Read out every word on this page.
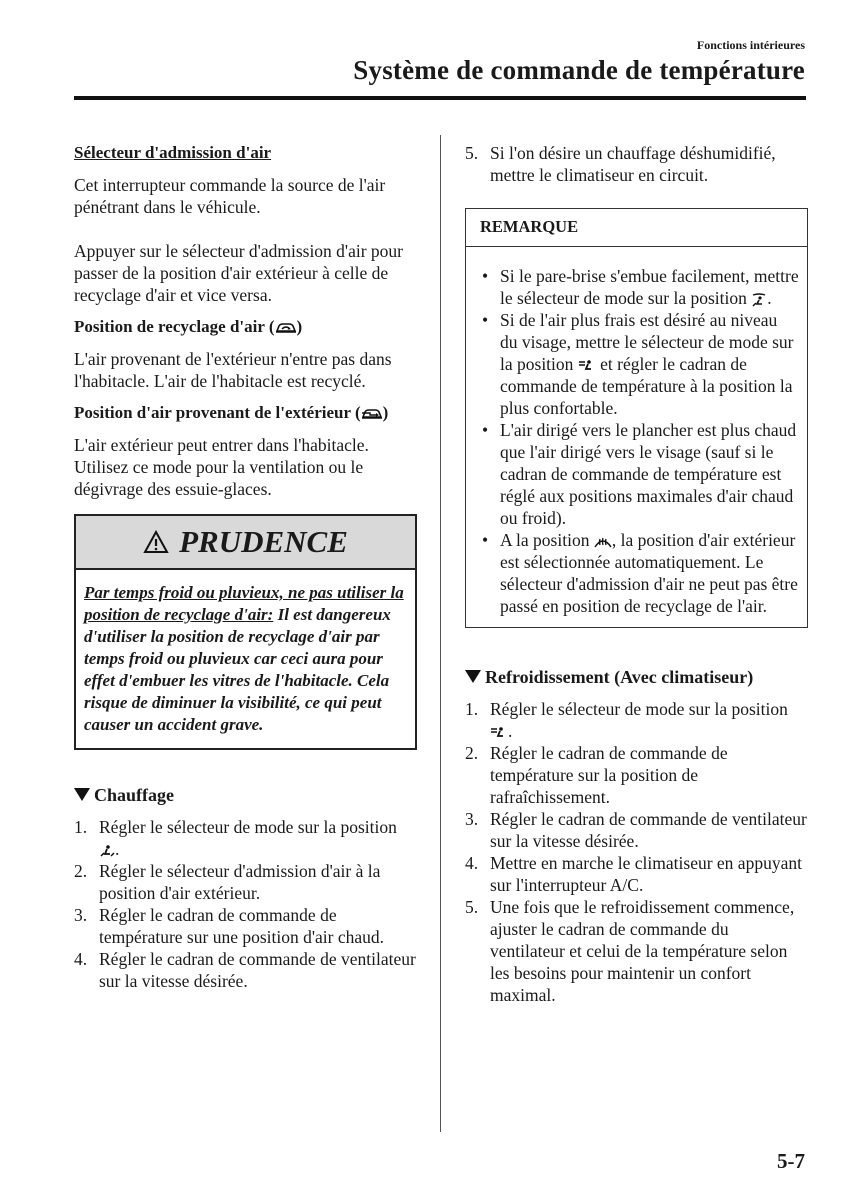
Fonctions intérieures
Système de commande de température

Sélecteur d'admission d'air

Cet interrupteur commande la source de l'air pénétrant dans le véhicule.

Appuyer sur le sélecteur d'admission d'air pour passer de la position d'air extérieur à celle de recyclage d'air et vice versa.

Position de recyclage d'air ( )

L'air provenant de l'extérieur n'entre pas dans l'habitacle. L'air de l'habitacle est recyclé.

Position d'air provenant de l'extérieur ( )

L'air extérieur peut entrer dans l'habitacle. Utilisez ce mode pour la ventilation ou le dégivrage des essuie-glaces.

PRUDENCE
Par temps froid ou pluvieux, ne pas utiliser la position de recyclage d'air: Il est dangereux d'utiliser la position de recyclage d'air par temps froid ou pluvieux car ceci aura pour effet d'embuer les vitres de l'habitacle. Cela risque de diminuer la visibilité, ce qui peut causer un accident grave.
Chauffage
1. Régler le sélecteur de mode sur la position
.
2. Régler le sélecteur d'admission d'air à la position d'air extérieur.
3. Régler le cadran de commande de température sur une position d'air chaud.
4. Régler le cadran de commande de ventilateur sur la vitesse désirée.
5. Si l'on désire un chauffage déshumidifié, mettre le climatiseur en circuit.
REMARQUE
• Si le pare-brise s'embue facilement, mettre le sélecteur de mode sur la position .
• Si de l'air plus frais est désiré au niveau du visage, mettre le sélecteur de mode sur la position et régler le cadran de commande de température à la position la plus confortable.
• L'air dirigé vers le plancher est plus chaud que l'air dirigé vers le visage (sauf si le cadran de commande de température est réglé aux positions maximales d'air chaud ou froid).
• A la position , la position d'air extérieur est sélectionnée automatiquement. Le sélecteur d'admission d'air ne peut pas être passé en position de recyclage de l'air.
Refroidissement (Avec climatiseur)
1. Régler le sélecteur de mode sur la position
.
2. Régler le cadran de commande de température sur la position de rafraîchissement.
3. Régler le cadran de commande de ventilateur sur la vitesse désirée.
4. Mettre en marche le climatiseur en appuyant sur l'interrupteur A/C.
5. Une fois que le refroidissement commence, ajuster le cadran de commande du ventilateur et celui de la température selon les besoins pour maintenir un confort maximal.
5-7
